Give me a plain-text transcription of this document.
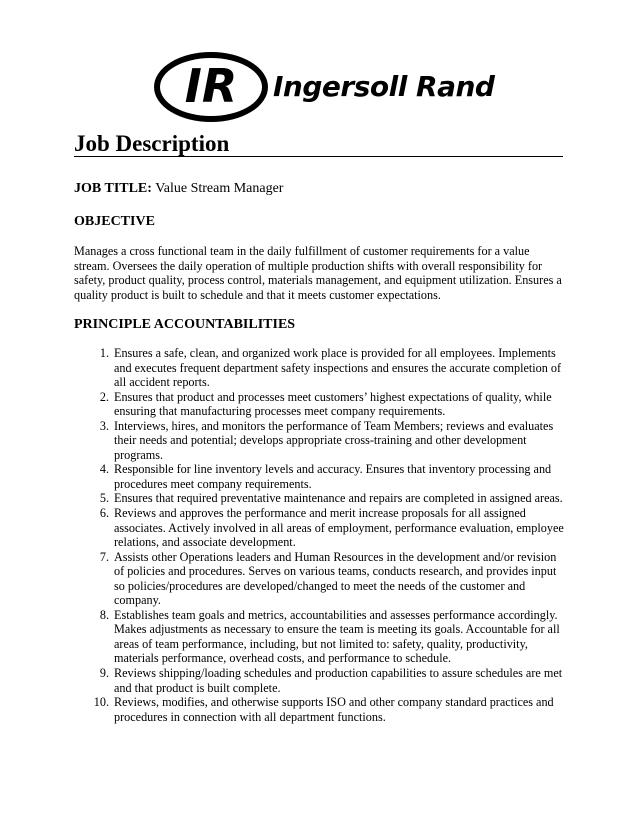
IR Ingersoll Rand
Job Description
JOB TITLE: Value Stream Manager
OBJECTIVE

Manages a cross functional team in the daily fulfillment of customer requirements for a value stream. Oversees the daily operation of multiple production shifts with overall responsibility for safety, product quality, process control, materials management, and equipment utilization. Ensures a quality product is built to schedule and that it meets customer expectations.

PRINCIPLE ACCOUNTABILITIES
1. Ensures a safe, clean, and organized work place is provided for all employees. Implements and executes frequent department safety inspections and ensures the accurate completion of all accident reports.
2. Ensures that product and processes meet customers’ highest expectations of quality, while ensuring that manufacturing processes meet company requirements.
3. Interviews, hires, and monitors the performance of Team Members; reviews and evaluates their needs and potential; develops appropriate cross-training and other development programs.
4. Responsible for line inventory levels and accuracy. Ensures that inventory processing and procedures meet company requirements.
5. Ensures that required preventative maintenance and repairs are completed in assigned areas.
6. Reviews and approves the performance and merit increase proposals for all assigned associates. Actively involved in all areas of employment, performance evaluation, employee relations, and associate development.
7. Assists other Operations leaders and Human Resources in the development and/or revision of policies and procedures. Serves on various teams, conducts research, and provides input so policies/procedures are developed/changed to meet the needs of the customer and company.
8. Establishes team goals and metrics, accountabilities and assesses performance accordingly. Makes adjustments as necessary to ensure the team is meeting its goals. Accountable for all areas of team performance, including, but not limited to: safety, quality, productivity, materials performance, overhead costs, and performance to schedule.
9. Reviews shipping/loading schedules and production capabilities to assure schedules are met and that product is built complete.
10. Reviews, modifies, and otherwise supports ISO and other company standard practices and procedures in connection with all department functions.
